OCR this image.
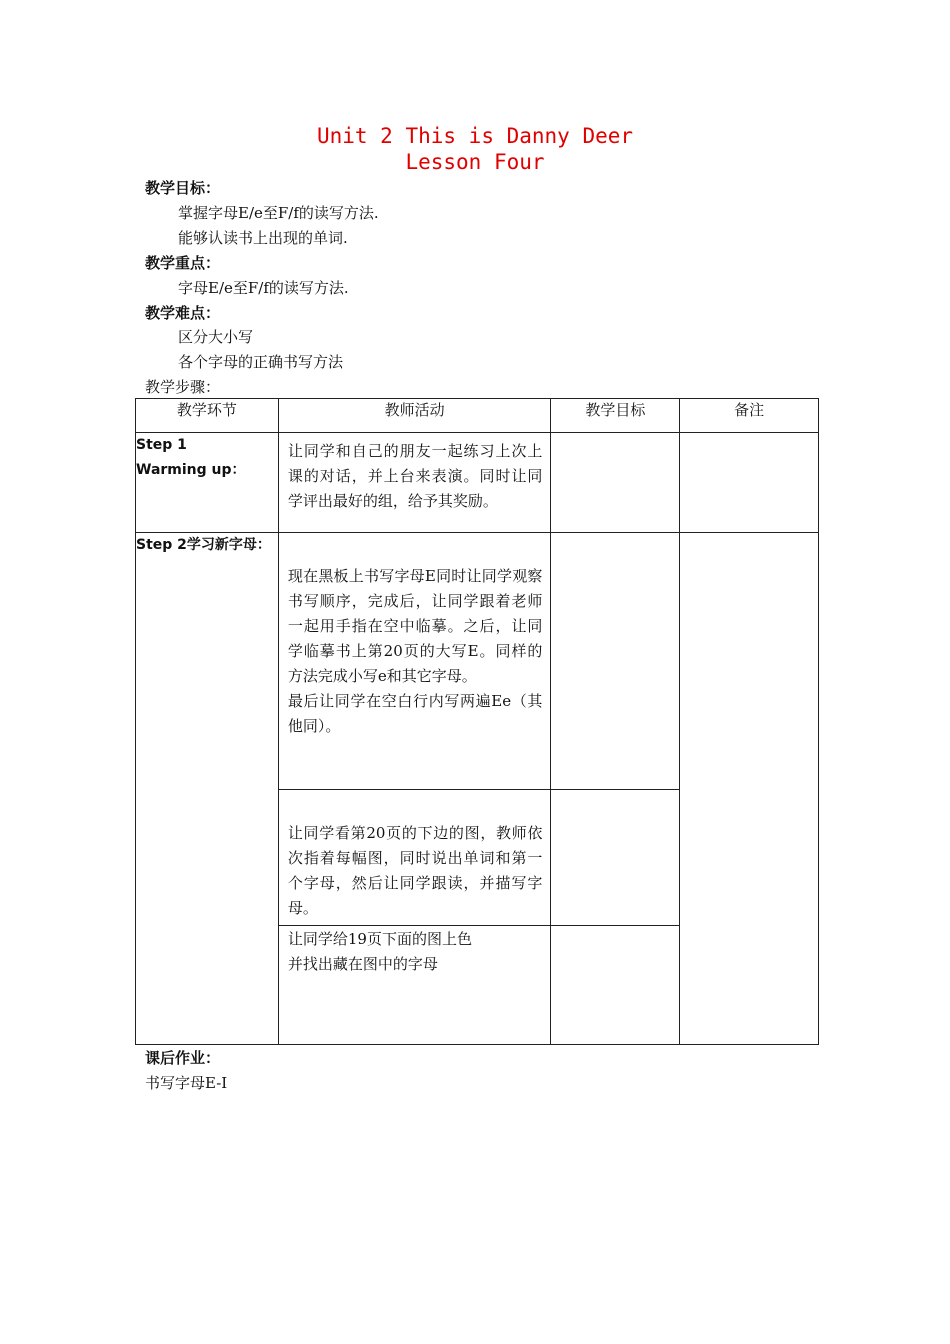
Unit 2 This is Danny Deer
Lesson Four
教学目标：
掌握字母E/e至F/f的读写方法.
能够认读书上出现的单词.
教学重点：
字母E/e至F/f的读写方法.
教学难点：
区分大小写
各个字母的正确书写方法
教学步骤：
教学环节	教师活动	教学目标	备注

Step 1
Warming up：	让同学和自己的朋友一起练习上次上课的对话，并上台来表演。同时让同学评出最好的组，给予其奖励。		

Step 2学习新字母：	现在黑板上书写字母E同时让同学观察书写顺序，完成后，让同学跟着老师一起用手指在空中临摹。之后，让同学临摹书上第20页的大写E。同样的方法完成小写e和其它字母。
最后让同学在空白行内写两遍Ee（其他同）。		

	让同学看第20页的下边的图，教师依次指着每幅图，同时说出单词和第一个字母，然后让同学跟读，并描写字母。		

	让同学给19页下面的图上色
并找出藏在图中的字母		

课后作业：
书写字母E-I
